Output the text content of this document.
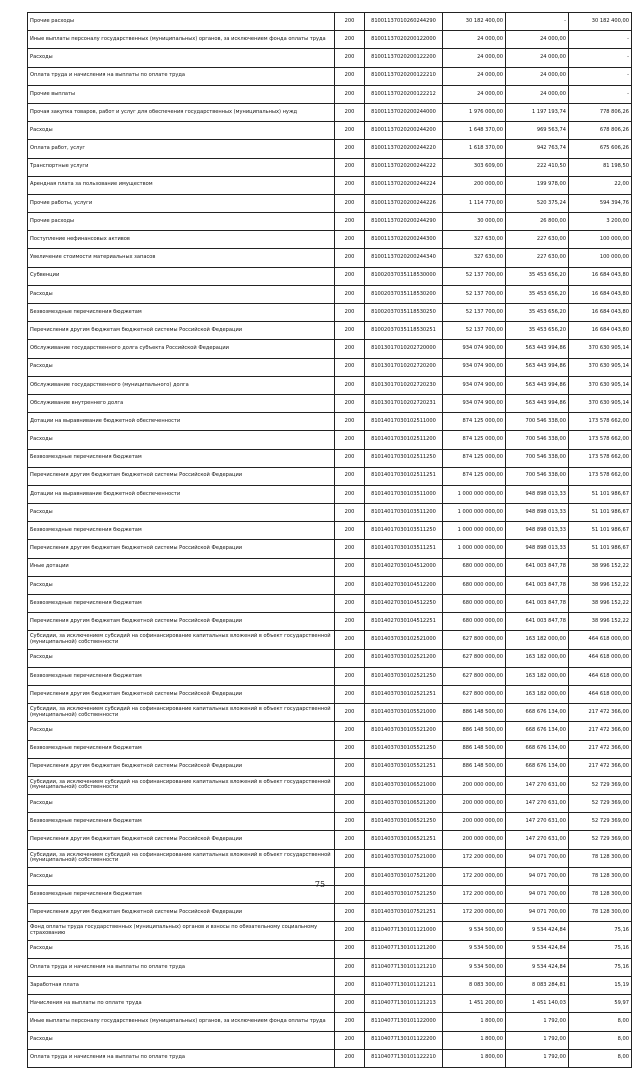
Прочие расходы	200	81001137010260244290	30 182 400,00	-	30 182 400,00
Иные выплаты персоналу государственных (муниципальных) органов, за исключением фонда оплаты труда	200	81001137020200122000	24 000,00	24 000,00	-
Расходы	200	81001137020200122200	24 000,00	24 000,00	-
Оплата труда и начисления на выплаты по оплате труда	200	81001137020200122210	24 000,00	24 000,00	-
Прочие выплаты	200	81001137020200122212	24 000,00	24 000,00	-
Прочая закупка товаров, работ и услуг для обеспечения государственных (муниципальных) нужд	200	81001137020200244000	1 976 000,00	1 197 193,74	778 806,26
Расходы	200	81001137020200244200	1 648 370,00	969 563,74	678 806,26
Оплата работ, услуг	200	81001137020200244220	1 618 370,00	942 763,74	675 606,26
Транспортные услуги	200	81001137020200244222	303 609,00	222 410,50	81 198,50
Арендная плата за пользование имуществом	200	81001137020200244224	200 000,00	199 978,00	22,00
Прочие работы, услуги	200	81001137020200244226	1 114 770,00	520 375,24	594 394,76
Прочие расходы	200	81001137020200244290	30 000,00	26 800,00	3 200,00
Поступление нефинансовых активов	200	81001137020200244300	327 630,00	227 630,00	100 000,00
Увеличение стоимости материальных запасов	200	81001137020200244340	327 630,00	227 630,00	100 000,00
Субвенции	200	81002037035118530000	52 137 700,00	35 453 656,20	16 684 043,80
Расходы	200	81002037035118530200	52 137 700,00	35 453 656,20	16 684 043,80
Безвозмездные перечисления бюджетам	200	81002037035118530250	52 137 700,00	35 453 656,20	16 684 043,80
Перечисления другим бюджетам бюджетной системы Российской Федерации	200	81002037035118530251	52 137 700,00	35 453 656,20	16 684 043,80
Обслуживание государственного долга субъекта Российской Федерации	200	81013017010202720000	934 074 900,00	563 443 994,86	370 630 905,14
Расходы	200	81013017010202720200	934 074 900,00	563 443 994,86	370 630 905,14
Обслуживание государственного (муниципального) долга	200	81013017010202720230	934 074 900,00	563 443 994,86	370 630 905,14
Обслуживание внутреннего долга	200	81013017010202720231	934 074 900,00	563 443 994,86	370 630 905,14
Дотации на выравнивание бюджетной обеспеченности	200	81014017030102511000	874 125 000,00	700 546 338,00	173 578 662,00
Расходы	200	81014017030102511200	874 125 000,00	700 546 338,00	173 578 662,00
Безвозмездные перечисления бюджетам	200	81014017030102511250	874 125 000,00	700 546 338,00	173 578 662,00
Перечисления другим бюджетам бюджетной системы Российской Федерации	200	81014017030102511251	874 125 000,00	700 546 338,00	173 578 662,00
Дотации на выравнивание бюджетной обеспеченности	200	81014017030103511000	1 000 000 000,00	948 898 013,33	51 101 986,67
Расходы	200	81014017030103511200	1 000 000 000,00	948 898 013,33	51 101 986,67
Безвозмездные перечисления бюджетам	200	81014017030103511250	1 000 000 000,00	948 898 013,33	51 101 986,67
Перечисления другим бюджетам бюджетной системы Российской Федерации	200	81014017030103511251	1 000 000 000,00	948 898 013,33	51 101 986,67
Иные дотации	200	81014027030104512000	680 000 000,00	641 003 847,78	38 996 152,22
Расходы	200	81014027030104512200	680 000 000,00	641 003 847,78	38 996 152,22
Безвозмездные перечисления бюджетам	200	81014027030104512250	680 000 000,00	641 003 847,78	38 996 152,22
Перечисления другим бюджетам бюджетной системы Российской Федерации	200	81014027030104512251	680 000 000,00	641 003 847,78	38 996 152,22
Субсидии, за исключением субсидий на софинансирование капитальных вложений в объект государственной (муниципальной) собственности	200	81014037030102521000	627 800 000,00	163 182 000,00	464 618 000,00
Расходы	200	81014037030102521200	627 800 000,00	163 182 000,00	464 618 000,00
Безвозмездные перечисления бюджетам	200	81014037030102521250	627 800 000,00	163 182 000,00	464 618 000,00
Перечисления другим бюджетам бюджетной системы Российской Федерации	200	81014037030102521251	627 800 000,00	163 182 000,00	464 618 000,00
Субсидии, за исключением субсидий на софинансирование капитальных вложений в объект государственной (муниципальной) собственности	200	81014037030105521000	886 148 500,00	668 676 134,00	217 472 366,00
Расходы	200	81014037030105521200	886 148 500,00	668 676 134,00	217 472 366,00
Безвозмездные перечисления бюджетам	200	81014037030105521250	886 148 500,00	668 676 134,00	217 472 366,00
Перечисления другим бюджетам бюджетной системы Российской Федерации	200	81014037030105521251	886 148 500,00	668 676 134,00	217 472 366,00
Субсидии, за исключением субсидий на софинансирование капитальных вложений в объект государственной (муниципальной) собственности	200	81014037030106521000	200 000 000,00	147 270 631,00	52 729 369,00
Расходы	200	81014037030106521200	200 000 000,00	147 270 631,00	52 729 369,00
Безвозмездные перечисления бюджетам	200	81014037030106521250	200 000 000,00	147 270 631,00	52 729 369,00
Перечисления другим бюджетам бюджетной системы Российской Федерации	200	81014037030106521251	200 000 000,00	147 270 631,00	52 729 369,00
Субсидии, за исключением субсидий на софинансирование капитальных вложений в объект государственной (муниципальной) собственности	200	81014037030107521000	172 200 000,00	94 071 700,00	78 128 300,00
Расходы	200	81014037030107521200	172 200 000,00	94 071 700,00	78 128 300,00
Безвозмездные перечисления бюджетам	200	81014037030107521250	172 200 000,00	94 071 700,00	78 128 300,00
Перечисления другим бюджетам бюджетной системы Российской Федерации	200	81014037030107521251	172 200 000,00	94 071 700,00	78 128 300,00
Фонд оплаты труда государственных (муниципальных) органов и взносы по обязательному социальному страхованию	200	81104077130101121000	9 534 500,00	9 534 424,84	75,16
Расходы	200	81104077130101121200	9 534 500,00	9 534 424,84	75,16
Оплата труда и начисления на выплаты по оплате труда	200	81104077130101121210	9 534 500,00	9 534 424,84	75,16
Заработная плата	200	81104077130101121211	8 083 300,00	8 083 284,81	15,19
Начисления на выплаты по оплате труда	200	81104077130101121213	1 451 200,00	1 451 140,03	59,97
Иные выплаты персоналу государственных (муниципальных) органов, за исключением фонда оплаты труда	200	81104077130101122000	1 800,00	1 792,00	8,00
Расходы	200	81104077130101122200	1 800,00	1 792,00	8,00
Оплата труда и начисления на выплаты по оплате труда	200	81104077130101122210	1 800,00	1 792,00	8,00
75
